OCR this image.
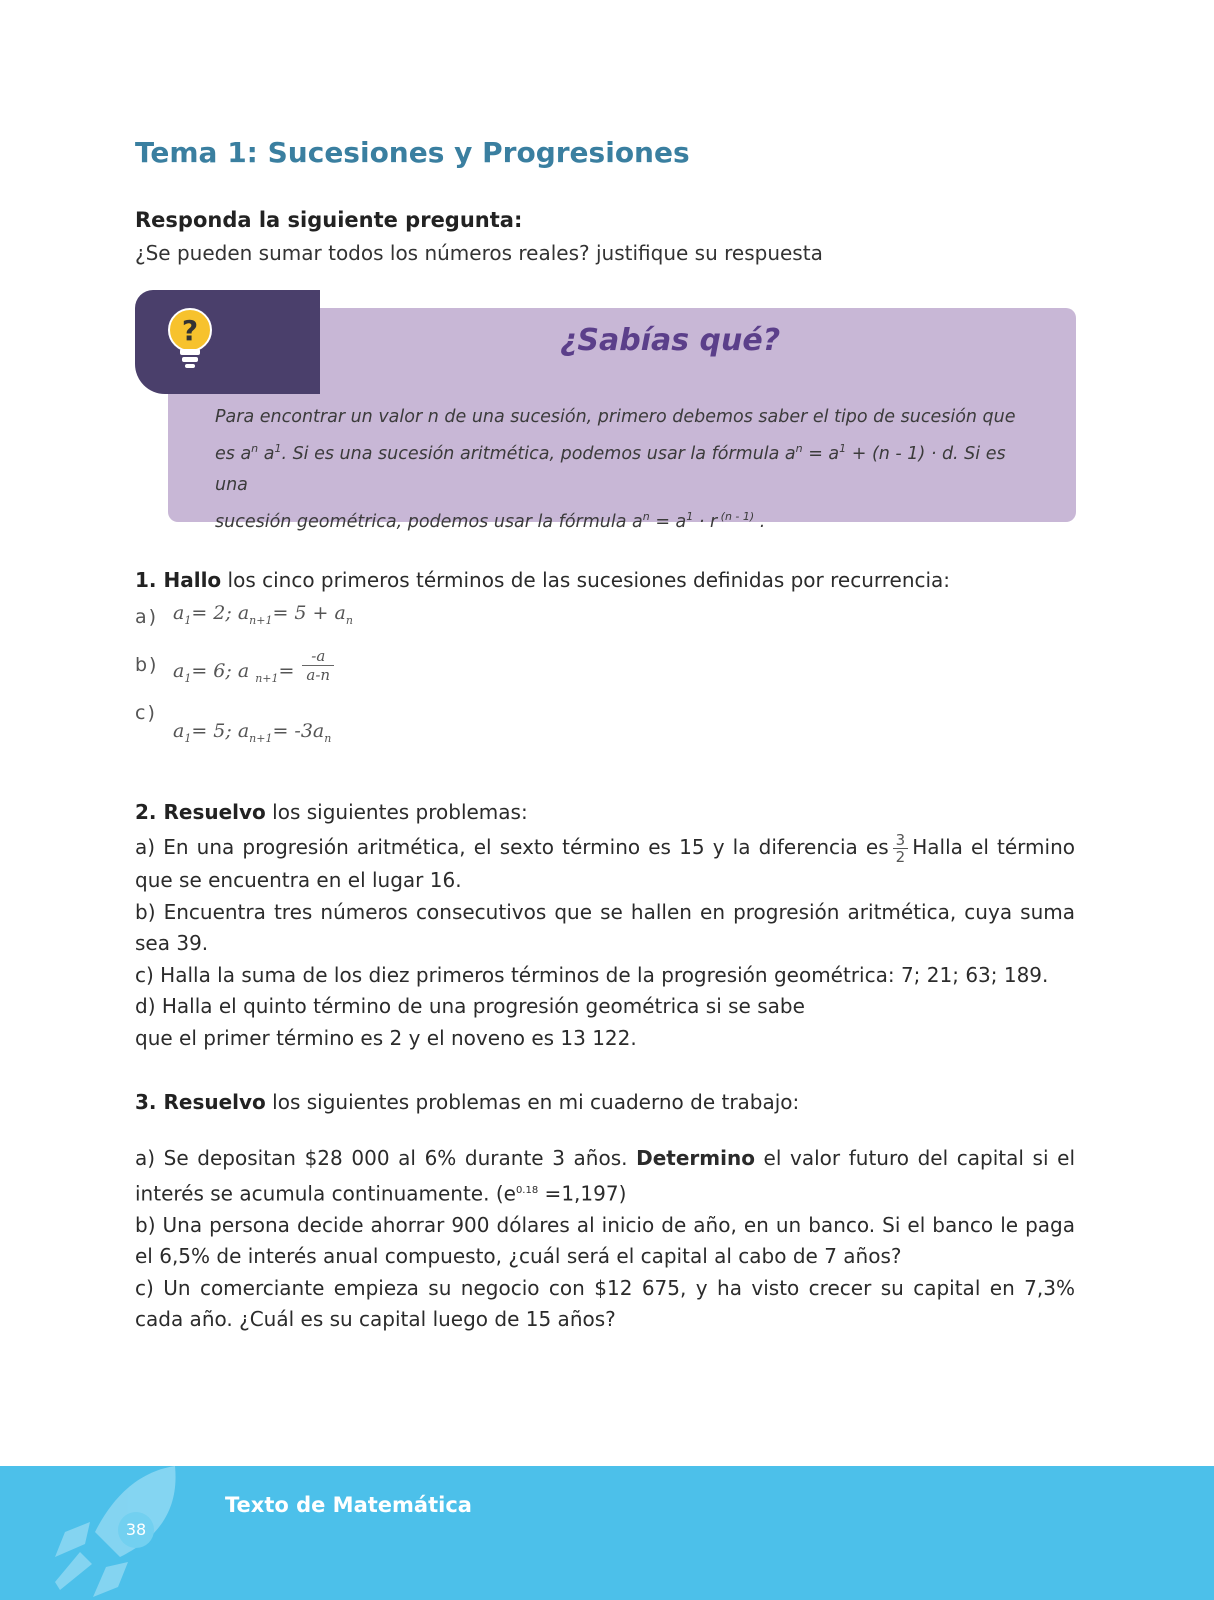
Tema 1: Sucesiones y Progresiones
Responda la siguiente pregunta:
¿Se pueden sumar todos los números reales? justifique su respuesta
?	¿Sabías qué?
Para encontrar un valor n de una sucesión, primero debemos saber el tipo de sucesión que
es $a^n$ $a^1$. Si es una sucesión aritmética, podemos usar la fórmula $a^n = a^1 + (n - 1) \cdot d$. Si es una
sucesión geométrica, podemos usar la fórmula $a^n = a^1 \cdot r$ $^{(n - 1)}$ .
1. Hallo los cinco primeros términos de las sucesiones definidas por recurrencia:
a) $a_1= 2$; $a_{n+1}= 5 + a_n$
b) $a_1= 6$; a $_{n+1}= \frac{-a}{a-n}$
c)
$a_1= 5$; $a_{n+1}= -3a_n$
2. Resuelvo los siguientes problemas:

a) En una progresión aritmética, el sexto término es 15 y la diferencia es $\frac{3}{2}$ Halla el término que se encuentra en el lugar 16.

b) Encuentra tres números consecutivos que se hallen en progresión aritmética, cuya suma sea 39.

c) Halla la suma de los diez primeros términos de la progresión geométrica: 7; 21; 63; 189.

d) Halla el quinto término de una progresión geométrica si se sabe

que el primer término es 2 y el noveno es 13 122.

3. Resuelvo los siguientes problemas en mi cuaderno de trabajo:

a) Se depositan $28 000 al 6% durante 3 años. Determino el valor futuro del capital si el interés se acumula continuamente. $(e^{0.18} =1,197)$

b) Una persona decide ahorrar 900 dólares al inicio de año, en un banco. Si el banco le paga el 6,5% de interés anual compuesto, ¿cuál será el capital al cabo de 7 años?

c) Un comerciante empieza su negocio con $12 675, y ha visto crecer su capital en 7,3% cada año. ¿Cuál es su capital luego de 15 años?

38
Texto de Matemática
